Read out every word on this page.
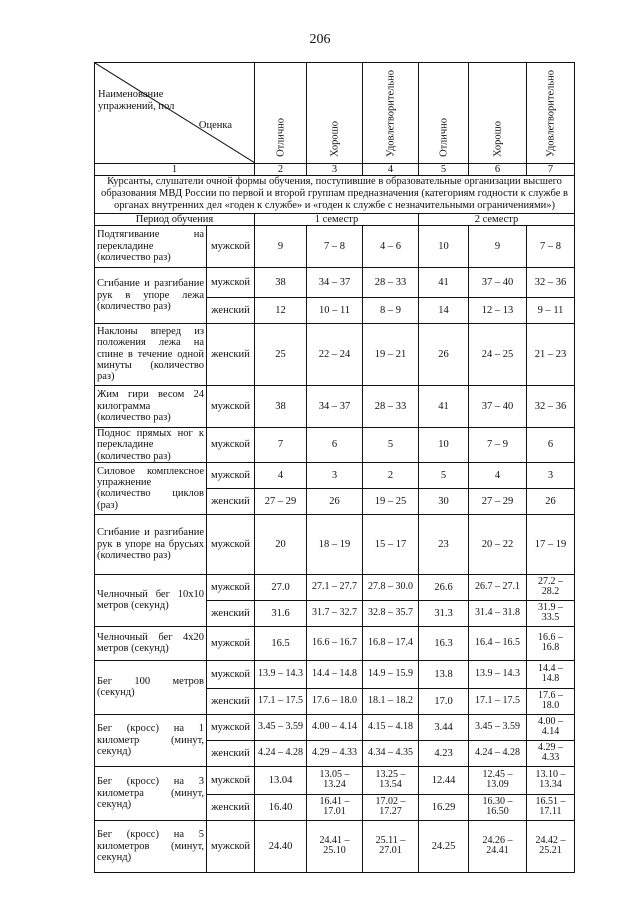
206
Наименование упражнений, пол
Оценка		Отлично	Хорошо	Удовлетворительно	Отлично	Хорошо	Удовлетворительно

1		2	3	4	5	6	7
Курсанты, слушатели очной формы обучения, поступившие в образовательные организации высшего образования МВД России по первой и второй группам предназначения (категориям годности к службе в органах внутренних дел «годен к службе» и «годен к службе с незначительными ограничениями»)							
Период обучения		1 семестр			2 семестр		
Подтягивание на перекладине (количество раз)	мужской	9	7 – 8	4 – 6	10	9	7 – 8
Сгибание и разгибание рук в упоре лежа (количество раз)	мужской	38	34 – 37	28 – 33	41	37 – 40	32 – 36
	женский	12	10 – 11	8 – 9	14	12 – 13	9 – 11
Наклоны вперед из положения лежа на спине в течение одной минуты (количество раз)	женский	25	22 – 24	19 – 21	26	24 – 25	21 – 23
Жим гири весом 24 килограмма (количество раз)	мужской	38	34 – 37	28 – 33	41	37 – 40	32 – 36
Поднос прямых ног к перекладине (количество раз)	мужской	7	6	5	10	7 – 9	6
Силовое комплексное упражнение (количество циклов (раз)	мужской	4	3	2	5	4	3
	женский	27 – 29	26	19 – 25	30	27 – 29	26
Сгибание и разгибание рук в упоре на брусьях (количество раз)	мужской	20	18 – 19	15 – 17	23	20 – 22	17 – 19
Челночный бег 10х10 метров (секунд)	мужской	27.0	27.1 – 27.7	27.8 – 30.0	26.6	26.7 – 27.1	27.2 – 28.2
	женский	31.6	31.7 – 32.7	32.8 – 35.7	31.3	31.4 – 31.8	31.9 – 33.5
Челночный бег 4х20 метров (секунд)	мужской	16.5	16.6 – 16.7	16.8 – 17.4	16.3	16.4 – 16.5	16.6 – 16.8
Бег 100 метров (секунд)	мужской	13.9 – 14.3	14.4 – 14.8	14.9 – 15.9	13.8	13.9 – 14.3	14.4 – 14.8
	женский	17.1 – 17.5	17.6 – 18.0	18.1 – 18.2	17.0	17.1 – 17.5	17.6 – 18.0
Бег (кросс) на 1 километр (минут, секунд)	мужской	3.45 – 3.59	4.00 – 4.14	4.15 – 4.18	3.44	3.45 – 3.59	4.00 – 4.14
	женский	4.24 – 4.28	4.29 – 4.33	4.34 – 4.35	4.23	4.24 – 4.28	4.29 – 4.33
Бег (кросс) на 3 километра (минут, секунд)	мужской	13.04	13.05 – 13.24	13.25 – 13.54	12.44	12.45 – 13.09	13.10 – 13.34
	женский	16.40	16.41 – 17.01	17.02 – 17.27	16.29	16.30 – 16.50	16.51 – 17.11
Бег (кросс) на 5 километров (минут, секунд)	мужской	24.40	24.41 – 25.10	25.11 – 27.01	24.25	24.26 – 24.41	24.42 – 25.21
